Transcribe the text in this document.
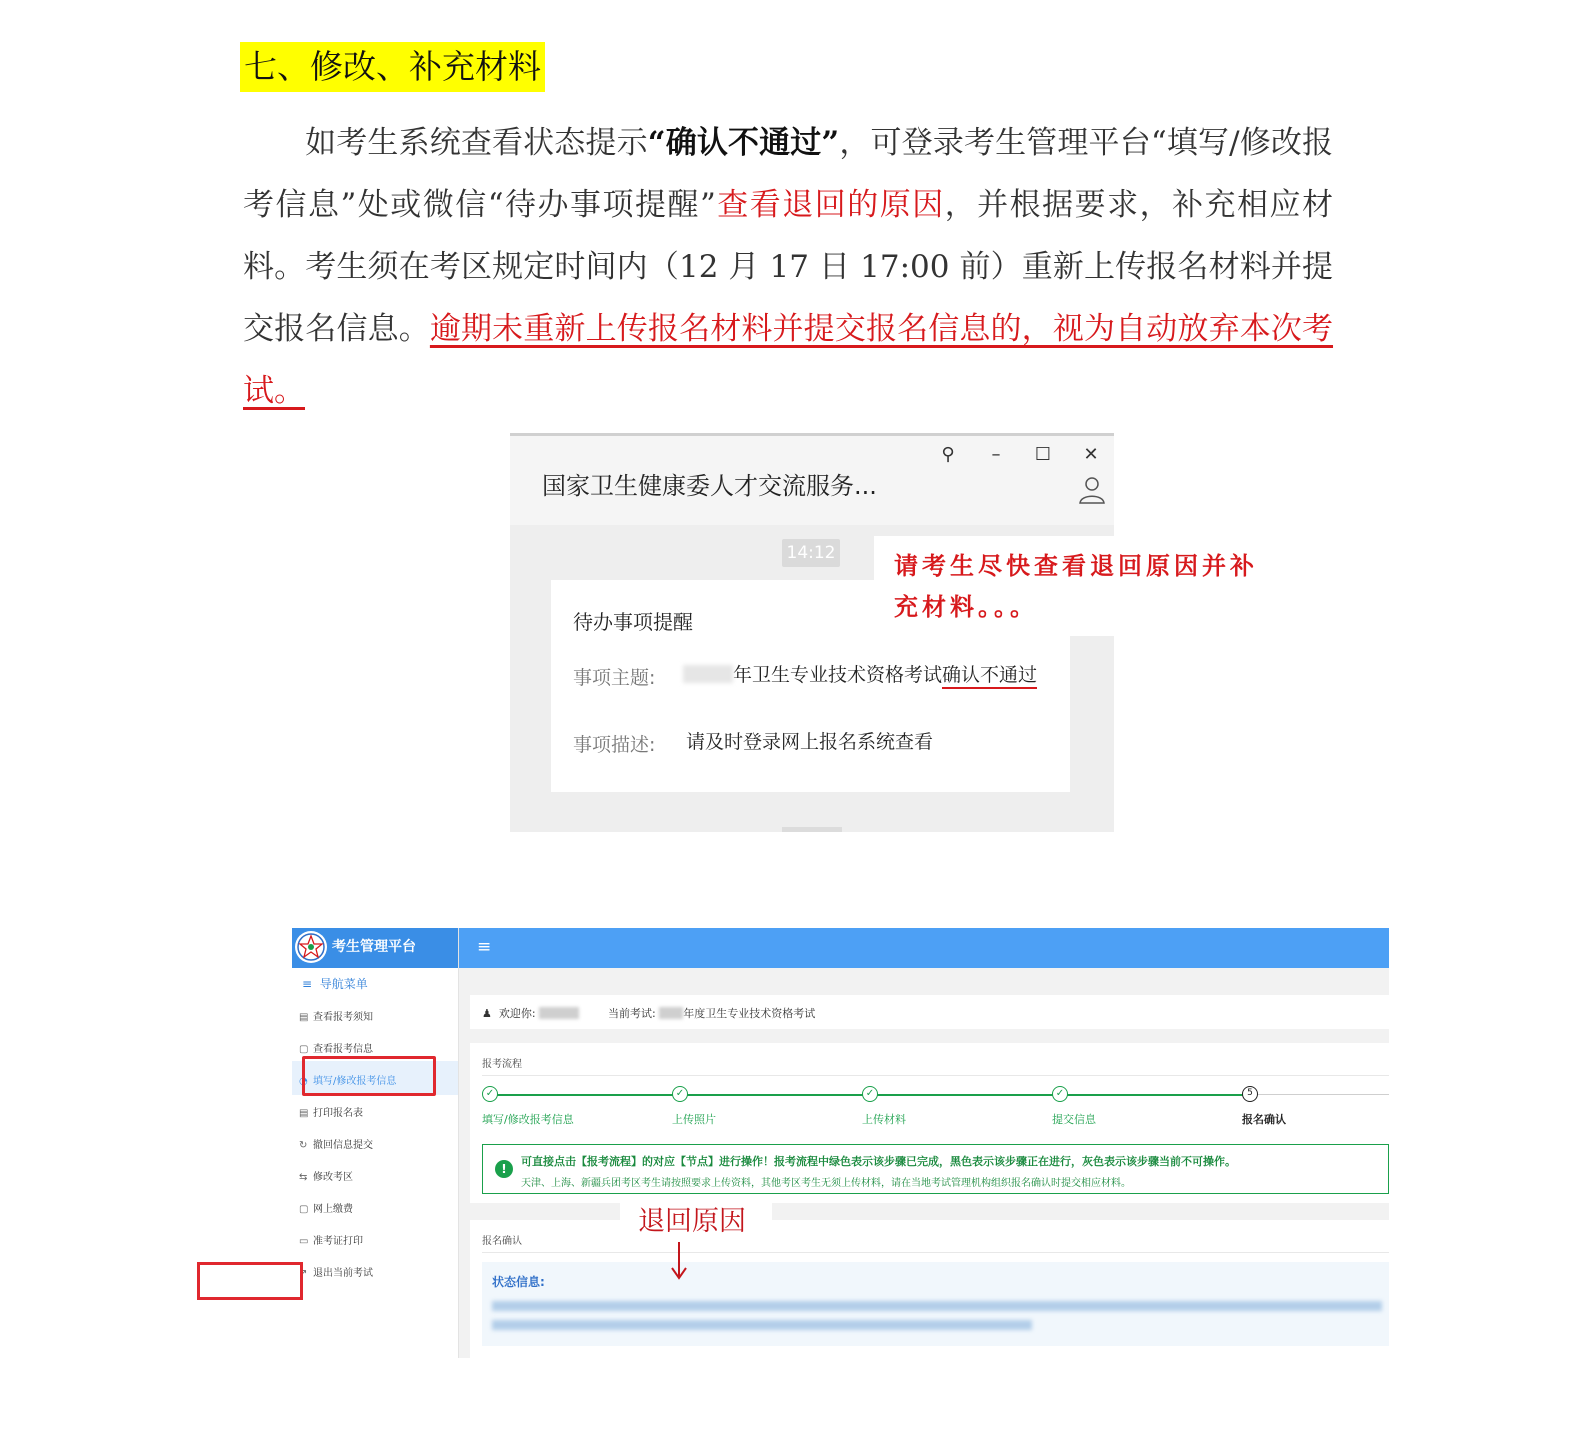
七、修改、补充材料
如考生系统查看状态提示“确认不通过”，可登录考生管理平台“填写/修改报考信息”处或微信“待办事项提醒”查看退回的原因，并根据要求，补充相应材料。考生须在考区规定时间内（12 月 17 日 17:00 前）重新上传报名材料并提交报名信息。逾期未重新上传报名材料并提交报名信息的，视为自动放弃本次考试。
国家卫生健康委人才交流服务...
⚲	–	☐ ✕
14:12
待办事项提醒
事项主题:	年卫生专业技术资格考试确认不通过
事项描述: 请及时登录网上报名系统查看
请考生尽快查看退回原因并补充材料。。。
考生管理平台
≡  导航菜单
▤ 查看报考须知
▢ 查看报考信息
◔ 填写/修改报考信息
▤ 打印报名表
↻ 撤回信息提交
⇆ 修改考区
▢ 网上缴费
▭ 准考证打印
↗ 退出当前考试
≡
♟ 欢迎你:	当前考试:	年度卫生专业技术资格考试
报考流程
✓
填写/修改报考信息
✓
上传照片
✓
上传材料
✓
提交信息
5
报名确认
!
可直接点击【报考流程】的对应【节点】进行操作！报考流程中绿色表示该步骤已完成，黑色表示该步骤正在进行，灰色表示该步骤当前不可操作。
天津、上海、新疆兵团考区考生请按照要求上传资料，其他考区考生无须上传材料，请在当地考试管理机构组织报名确认时提交相应材料。
报名确认
状态信息:
退回原因
